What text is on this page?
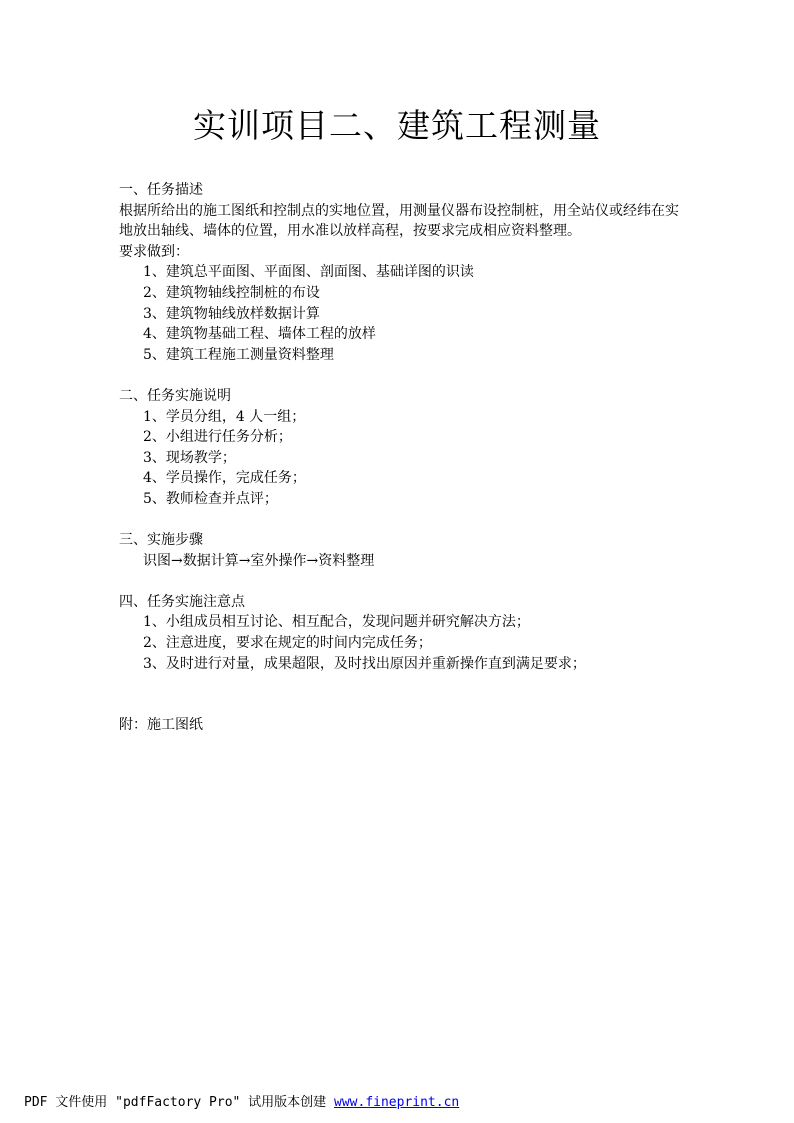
实训项目二、建筑工程测量

一、任务描述

根据所给出的施工图纸和控制点的实地位置，用测量仪器布设控制桩，用全站仪或经纬在实地放出轴线、墙体的位置，用水准以放样高程，按要求完成相应资料整理。

要求做到：

1、建筑总平面图、平面图、剖面图、基础详图的识读

2、建筑物轴线控制桩的布设

3、建筑物轴线放样数据计算

4、建筑物基础工程、墙体工程的放样

5、建筑工程施工测量资料整理

二、任务实施说明

1、学员分组，4 人一组；

2、小组进行任务分析；

3、现场教学；

4、学员操作，完成任务；

5、教师检查并点评；

三、实施步骤

识图→数据计算→室外操作→资料整理

四、任务实施注意点

1、小组成员相互讨论、相互配合，发现问题并研究解决方法；

2、注意进度，要求在规定的时间内完成任务；

3、及时进行对量，成果超限，及时找出原因并重新操作直到满足要求；

附：施工图纸

PDF 文件使用 "pdfFactory Pro" 试用版本创建 www.fineprint.cn
